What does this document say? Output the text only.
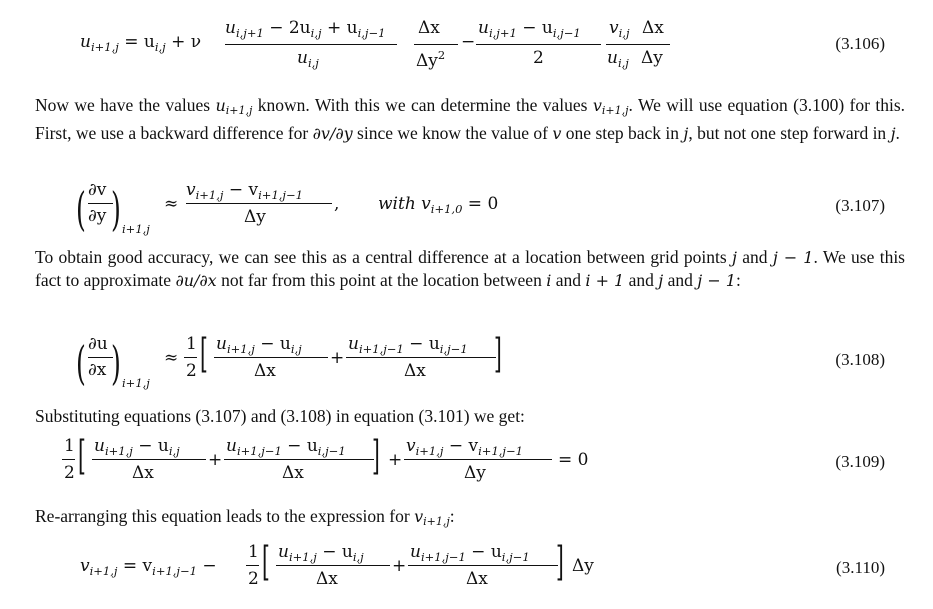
$u_{i+1,j} = u_{i,j} + \nu$
$u_{i,j+1} - 2u_{i,j} + u_{i,j-1}$
$u_{i,j}$
Δx
$\Delta y^2$
−
$u_{i,j+1} - u_{i,j-1}$
2
$v_{i,j}$
$u_{i,j}$
Δx
Δy
(3.106)
Now we have the values $u_{i+1,j}$ known. With this we can determine the values $v_{i+1,j}$. We will use equation (3.100) for this. First, we use a backward difference for ∂v/∂y since we know the value of v one step back in j, but not one step forward in j.
( ∂v
∂y ) i+1,j
≈
$v_{i+1,j} - v_{i+1,j-1}$
Δy
, with $v_{i+1,0} = 0$	(3.107)
To obtain good accuracy, we can see this as a central difference at a location between grid points j and j − 1. We use this fact to approximate ∂u/∂x not far from this point at the location between i and i + 1 and j and j − 1:
( ∂u
∂x ) i+1,j
≈
1
2 [ $u_{i+1,j} - u_{i,j}$
Δx
+
$u_{i+1,j-1} - u_{i,j-1}$
Δx ]	(3.108)
Substituting equations (3.107) and (3.108) in equation (3.101) we get:
1
2 [ $u_{i+1,j} - u_{i,j}$
Δx
+
$u_{i+1,j-1} - u_{i,j-1}$
Δx ] +
$v_{i+1,j} - v_{i+1,j-1}$
Δy
= 0	(3.109)
Re-arranging this equation leads to the expression for $v_{i+1,j}$:
$v_{i+1,j} = v_{i+1,j-1}$ −
1
2 [ $u_{i+1,j} - u_{i,j}$
Δx
+
$u_{i+1,j-1} - u_{i,j-1}$
Δx ] Δy	(3.110)
